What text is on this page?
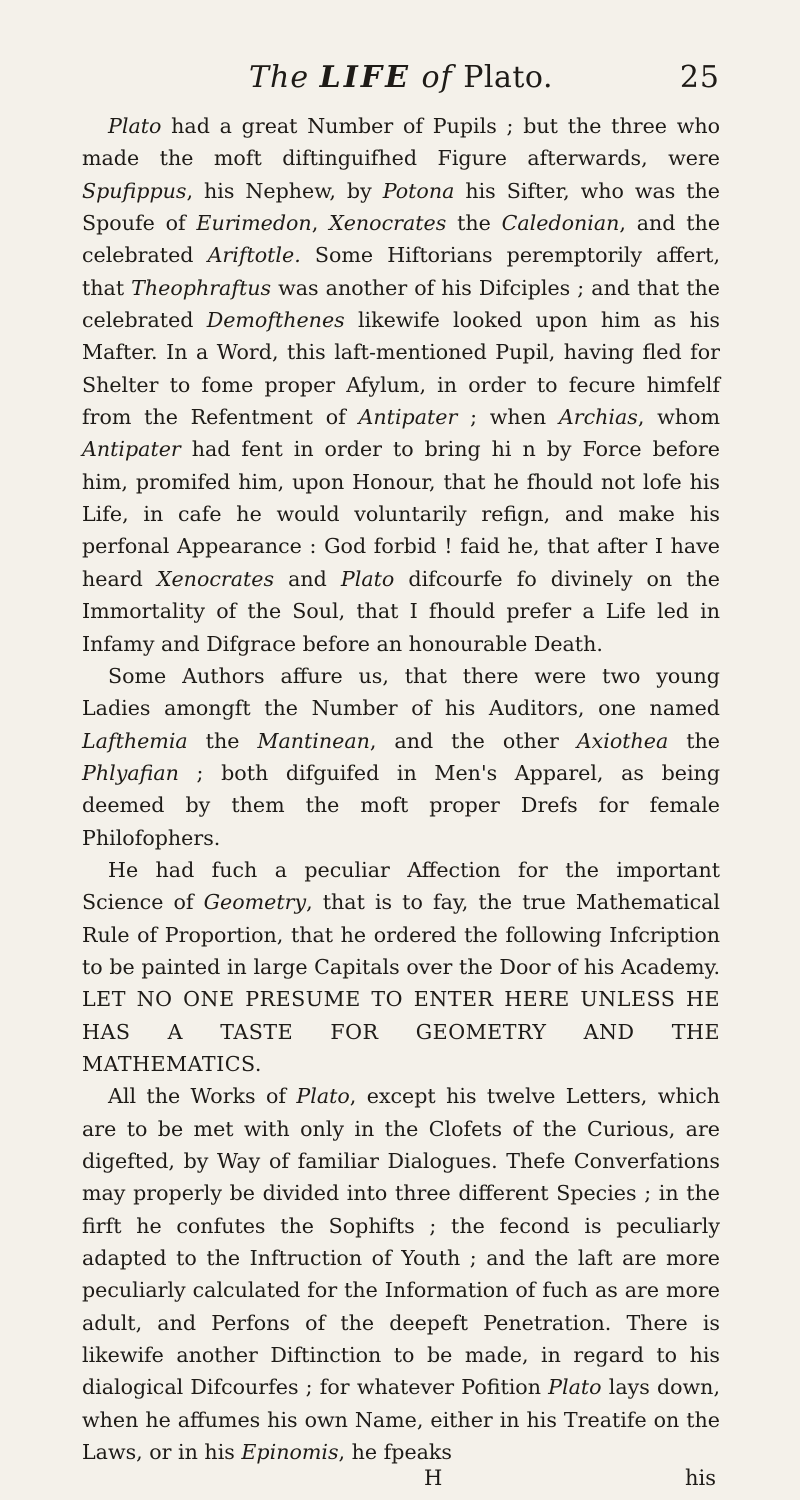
The LIFE of Plato.	25

Plato had a great Number of Pupils ; but the three who made the moft diftinguifhed Figure afterwards, were Spufippus, his Nephew, by Potona his Sifter, who was the Spoufe of Eurimedon, Xenocrates the Caledonian, and the celebrated Ariftotle. Some Hiftorians peremptorily affert, that Theophraftus was another of his Difciples ; and that the celebrated Demofthenes likewife looked upon him as his Mafter. In a Word, this laft-mentioned Pupil, having fled for Shelter to fome proper Afylum, in order to fecure himfelf from the Refentment of Antipater ; when Archias, whom Antipater had fent in order to bring hi n by Force before him, promifed him, upon Honour, that he fhould not lofe his Life, in cafe he would voluntarily refign, and make his perfonal Appearance : God forbid ! faid he, that after I have heard Xenocrates and Plato difcourfe fo divinely on the Immortality of the Soul, that I fhould prefer a Life led in Infamy and Difgrace before an honourable Death.

Some Authors affure us, that there were two young Ladies amongft the Number of his Auditors, one named Lafthemia the Mantinean, and the other Axiothea the Phlyafian ; both difguifed in Men's Apparel, as being deemed by them the moft proper Drefs for female Philofophers.

He had fuch a peculiar Affection for the important Science of Geometry, that is to fay, the true Mathematical Rule of Proportion, that he ordered the following Infcription to be painted in large Capitals over the Door of his Academy. LET NO ONE PRESUME TO ENTER HERE UNLESS HE HAS A TASTE FOR GEOMETRY AND THE MATHEMATICS.

All the Works of Plato, except his twelve Letters, which are to be met with only in the Clofets of the Curious, are digefted, by Way of familiar Dialogues. Thefe Converfations may properly be divided into three different Species ; in the firft he confutes the Sophifts ; the fecond is peculiarly adapted to the Inftruction of Youth ; and the laft are more peculiarly calculated for the Information of fuch as are more adult, and Perfons of the deepeft Penetration. There is likewife another Diftinction to be made, in regard to his dialogical Difcourfes ; for whatever Pofition Plato lays down, when he affumes his own Name, either in his Treatife on the Laws, or in his Epinomis, he fpeaks

H	his
